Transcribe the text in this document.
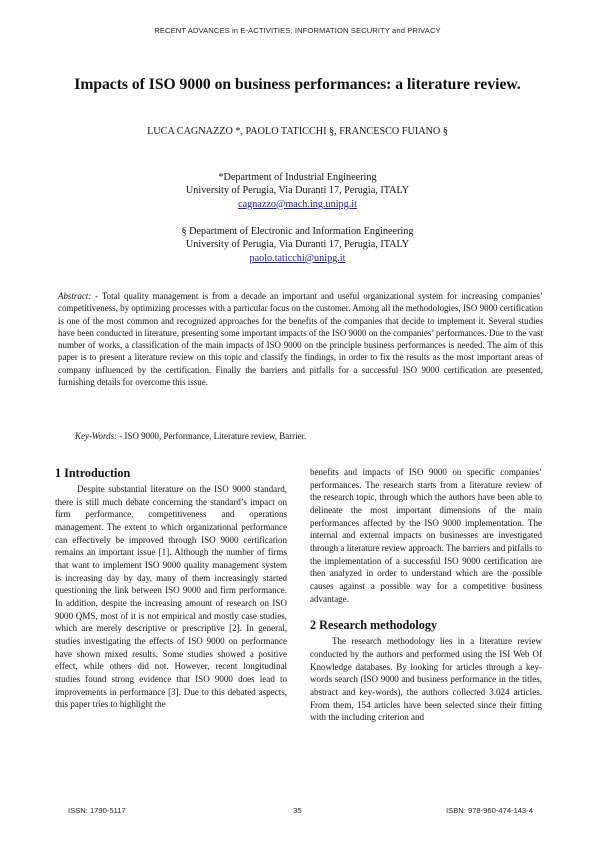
RECENT ADVANCES in E-ACTIVITIES, INFORMATION SECURITY and PRIVACY
Impacts of ISO 9000 on business performances: a literature review.
LUCA CAGNAZZO *, PAOLO TATICCHI §, FRANCESCO FUIANO §
*Department of Industrial Engineering
University of Perugia, Via Duranti 17, Perugia, ITALY
cagnazzo@mach.ing.unipg.it
§ Department of Electronic and Information Engineering
University of Perugia, Via Duranti 17, Perugia, ITALY
paolo.taticchi@unipg.it
Abstract: - Total quality management is from a decade an important and useful organizational system for increasing companies’ competitiveness, by optimizing processes with a particular focus on the customer. Among all the methodologies, ISO 9000 certification is one of the most common and recognized approaches for the benefits of the companies that decide to implement it. Several studies have been conducted in literature, presenting some important impacts of the ISO 9000 on the companies’ performances. Due to the vast number of works, a classification of the main impacts of ISO 9000 on the principle business performances is needed. The aim of this paper is to present a literature review on this topic and classify the findings, in order to fix the results as the most important areas of company influenced by the certification. Finally the barriers and pitfalls for a successful ISO 9000 certification are presented, furnishing details for overcome this issue.
Key-Words: - ISO 9000, Performance, Literature review, Barrier.
1 Introduction

Despite substantial literature on the ISO 9000 standard, there is still much debate concerning the standard’s impact on firm performance, competitiveness and operations management. The extent to which organizational performance can effectively be improved through ISO 9000 certification remains an important issue [1]. Although the number of firms that want to implement ISO 9000 quality management system is increasing day by day, many of them increasingly started questioning the link between ISO 9000 and firm performance. In addition, despite the increasing amount of research on ISO 9000 QMS, most of it is not empirical and mostly case studies, which are merely descriptive or prescriptive [2]. In general, studies investigating the effects of ISO 9000 on performance have shown mixed results. Some studies showed a positive effect, while others did not. However, recent longitudinal studies found strong evidence that ISO 9000 does lead to improvements in performance [3]. Due to this debated aspects, this paper tries to highlight the

benefits and impacts of ISO 9000 on specific companies’ performances. The research starts from a literature review of the research topic, through which the authors have been able to delineate the most important dimensions of the main performances affected by the ISO 9000 implementation. The internal and external impacts on businesses are investigated through a literature review approach. The barriers and pitfalls to the implementation of a successful ISO 9000 certification are then analyzed in order to understand which are the possible causes against a possible way for a competitive business advantage.

2 Research methodology

The research methodology lies in a literature review conducted by the authors and performed using the ISI Web Of Knowledge databases. By looking for articles through a key-words search (ISO 9000 and business performance in the titles, abstract and key-words), the authors collected 3.024 articles. From them, 154 articles have been selected since their fitting with the including criterion and

ISSN: 1790-5117	35	ISBN: 978-960-474-143-4
